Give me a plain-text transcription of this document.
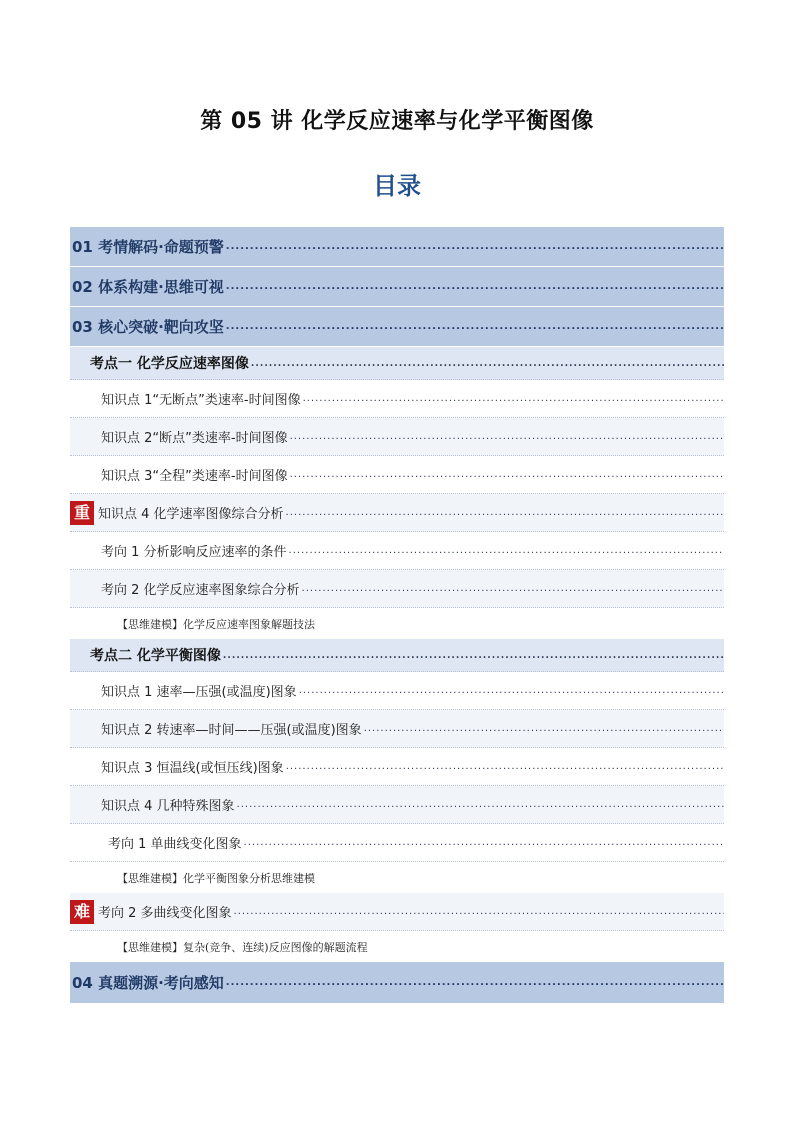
第 05 讲 化学反应速率与化学平衡图像
目录
01 考情解码·命题预警
.....
02 体系构建·思维可视
.....
03 核心突破·靶向攻坚
.....
考点一 化学反应速率图像
.....
知识点 1“无断点”类速率-时间图像
.....
知识点 2“断点”类速率-时间图像
.....
知识点 3“全程”类速率-时间图像
.....
重 知识点 4 化学速率图像综合分析
.....
考向 1 分析影响反应速率的条件
.....
考向 2 化学反应速率图象综合分析
.....
【思维建模】化学反应速率图象解题技法
考点二 化学平衡图像
.....
知识点 1 速率—压强(或温度)图象
.....
知识点 2 转速率—时间——压强(或温度)图象
.....
知识点 3 恒温线(或恒压线)图象
.....
知识点 4 几种特殊图象
.....
考向 1 单曲线变化图象
.....
【思维建模】化学平衡图象分析思维建模
难 考向 2 多曲线变化图象
.....
【思维建模】复杂(竞争、连续)反应图像的解题流程
04 真题溯源·考向感知
.....
